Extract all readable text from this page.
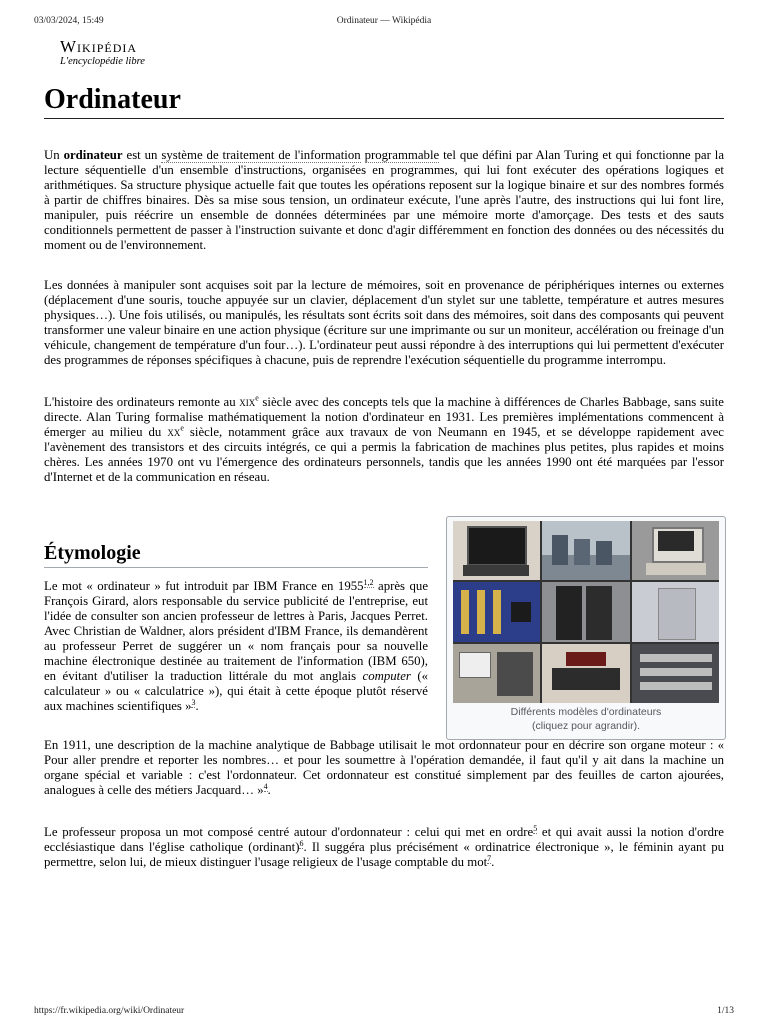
03/03/2024, 15:49	Ordinateur — Wikipédia
Wikipédia
L'encyclopédie libre
Ordinateur

Un ordinateur est un système de traitement de l'information programmable tel que défini par Alan Turing et qui fonctionne par la lecture séquentielle d'un ensemble d'instructions, organisées en programmes, qui lui font exécuter des opérations logiques et arithmétiques. Sa structure physique actuelle fait que toutes les opérations reposent sur la logique binaire et sur des nombres formés à partir de chiffres binaires. Dès sa mise sous tension, un ordinateur exécute, l'une après l'autre, des instructions qui lui font lire, manipuler, puis réécrire un ensemble de données déterminées par une mémoire morte d'amorçage. Des tests et des sauts conditionnels permettent de passer à l'instruction suivante et donc d'agir différemment en fonction des données ou des nécessités du moment ou de l'environnement.

Les données à manipuler sont acquises soit par la lecture de mémoires, soit en provenance de périphériques internes ou externes (déplacement d'une souris, touche appuyée sur un clavier, déplacement d'un stylet sur une tablette, température et autres mesures physiques…). Une fois utilisés, ou manipulés, les résultats sont écrits soit dans des mémoires, soit dans des composants qui peuvent transformer une valeur binaire en une action physique (écriture sur une imprimante ou sur un moniteur, accélération ou freinage d'un véhicule, changement de température d'un four…). L'ordinateur peut aussi répondre à des interruptions qui lui permettent d'exécuter des programmes de réponses spécifiques à chacune, puis de reprendre l'exécution séquentielle du programme interrompu.

L'histoire des ordinateurs remonte au xix$^e$ siècle avec des concepts tels que la machine à différences de Charles Babbage, sans suite directe. Alan Turing formalise mathématiquement la notion d'ordinateur en 1931. Les premières implémentations commencent à émerger au milieu du $xx^e$ siècle, notamment grâce aux travaux de von Neumann en 1945, et se développe rapidement avec l'avènement des transistors et des circuits intégrés, ce qui a permis la fabrication de machines plus petites, plus rapides et moins chères. Les années 1970 ont vu l'émergence des ordinateurs personnels, tandis que les années 1990 ont été marquées par l'essor d'Internet et de la communication en réseau.

Étymologie
Différents modèles d'ordinateurs
(cliquez pour agrandir).

Le mot « ordinateur » fut introduit par IBM France en 1955$^{1,2}$ après que François Girard, alors responsable du service publicité de l'entreprise, eut l'idée de consulter son ancien professeur de lettres à Paris, Jacques Perret. Avec Christian de Waldner, alors président d'IBM France, ils demandèrent au professeur Perret de suggérer un « nom français pour sa nouvelle machine électronique destinée au traitement de l'information (IBM 650), en évitant d'utiliser la traduction littérale du mot anglais computer (« calculateur » ou « calculatrice »), qui était à cette époque plutôt réservé aux machines scientifiques »$^3$.

En 1911, une description de la machine analytique de Babbage utilisait le mot ordonnateur pour en décrire son organe moteur : « Pour aller prendre et reporter les nombres… et pour les soumettre à l'opération demandée, il faut qu'il y ait dans la machine un organe spécial et variable : c'est l'ordonnateur. Cet ordonnateur est constitué simplement par des feuilles de carton ajourées, analogues à celle des métiers Jacquard… »$^4$.

Le professeur proposa un mot composé centré autour d'ordonnateur : celui qui met en ordre$^5$ et qui avait aussi la notion d'ordre ecclésiastique dans l'église catholique (ordinant)$^6$. Il suggéra plus précisément « ordinatrice électronique », le féminin ayant pu permettre, selon lui, de mieux distinguer l'usage religieux de l'usage comptable du mot$^7$.

https://fr.wikipedia.org/wiki/Ordinateur	1/13
